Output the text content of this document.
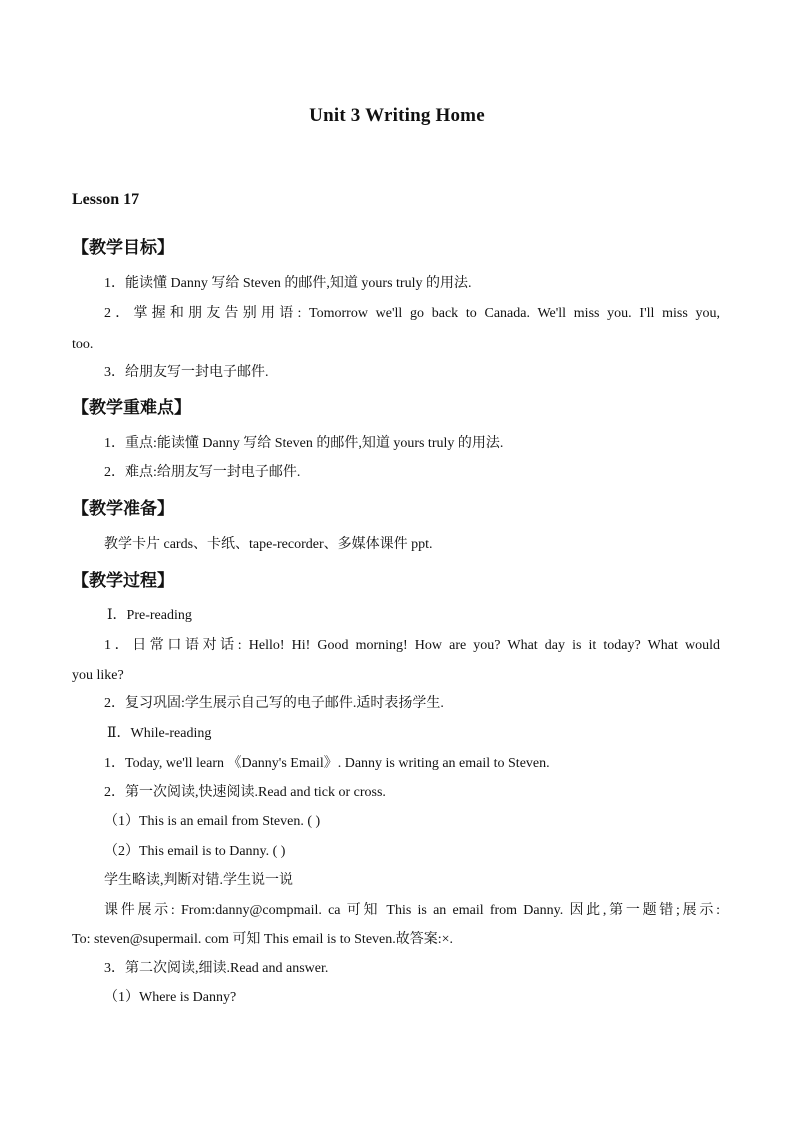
Unit 3 Writing Home
Lesson 17
【教学目标】
1．能读懂 Danny 写给 Steven 的邮件,知道 yours truly 的用法.
2．掌握和朋友告别用语: Tomorrow we'll go back to Canada. We'll miss you. I'll miss you,
too.
3．给朋友写一封电子邮件.
【教学重难点】
1．重点:能读懂 Danny 写给 Steven 的邮件,知道 yours truly 的用法.
2．难点:给朋友写一封电子邮件.
【教学准备】
教学卡片 cards、卡纸、tape-recorder、多媒体课件 ppt.
【教学过程】
Ⅰ．Pre-reading
1．日常口语对话: Hello! Hi! Good morning! How are you? What day is it today? What would
you like?
2．复习巩固:学生展示自己写的电子邮件.适时表扬学生.
Ⅱ．While-reading
1．Today, we'll learn 《Danny's Email》. Danny is writing an email to Steven.
2．第一次阅读,快速阅读.Read and tick or cross.
（1）This is an email from Steven. ( )
（2）This email is to Danny. ( )
学生略读,判断对错.学生说一说
课件展示: From:danny@compmail. ca 可知 This is an email from Danny. 因此,第一题错;展示:
To: steven@supermail. com 可知 This email is to Steven.故答案:×.
3．第二次阅读,细读.Read and answer.
（1）Where is Danny?
